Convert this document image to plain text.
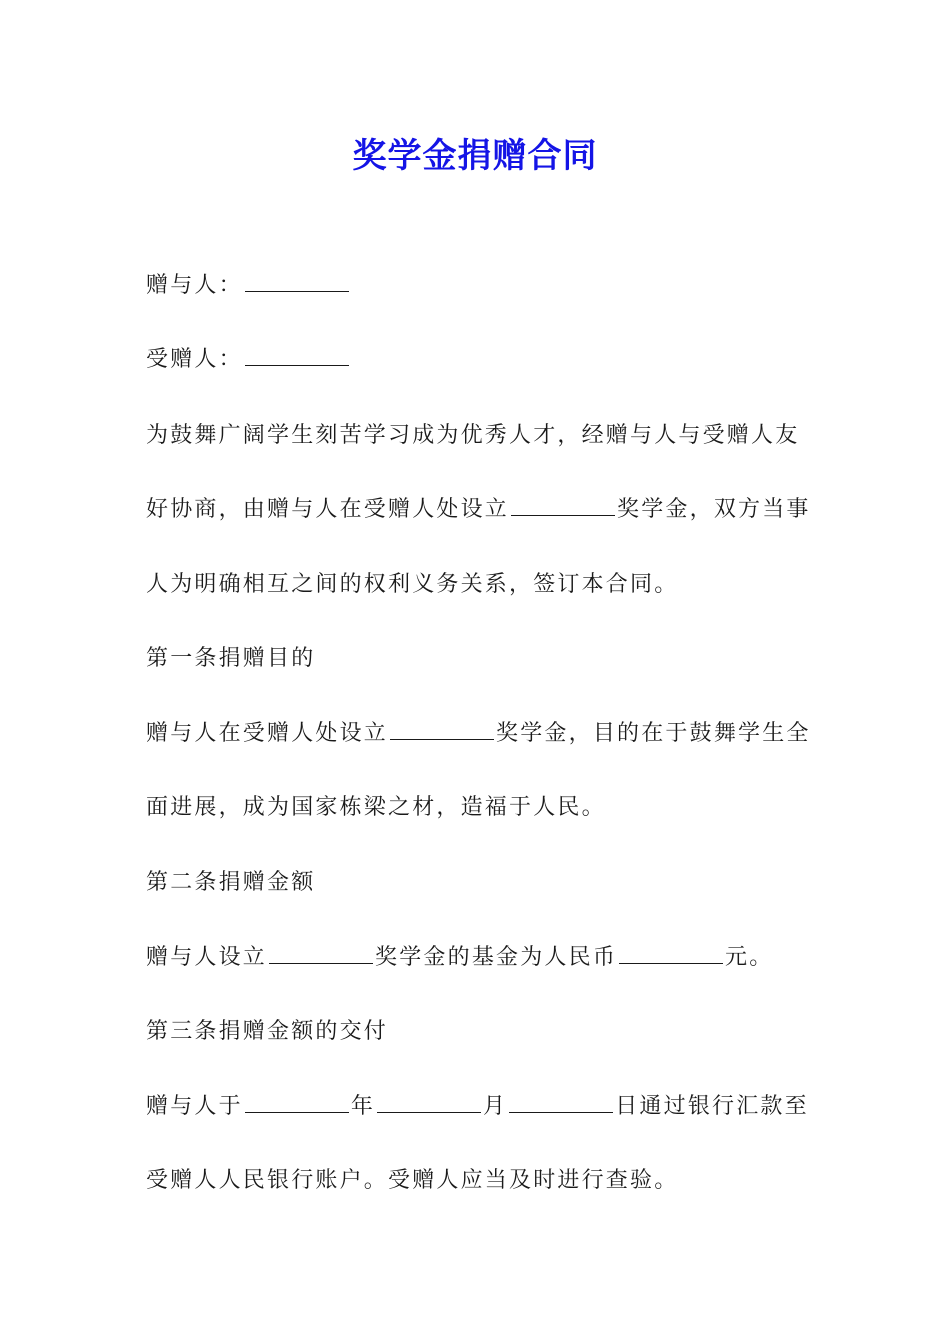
奖学金捐赠合同
赠与人：
受赠人：
为鼓舞广阔学生刻苦学习成为优秀人才，经赠与人与受赠人友
好协商，由赠与人在受赠人处设立	奖学金，双方当事
人为明确相互之间的权利义务关系，签订本合同。
第一条捐赠目的
赠与人在受赠人处设立	奖学金，目的在于鼓舞学生全
面进展，成为国家栋梁之材，造福于人民。
第二条捐赠金额
赠与人设立	奖学金的基金为人民币	元。
第三条捐赠金额的交付
赠与人于	年	月	日通过银行汇款至
受赠人人民银行账户。受赠人应当及时进行查验。
